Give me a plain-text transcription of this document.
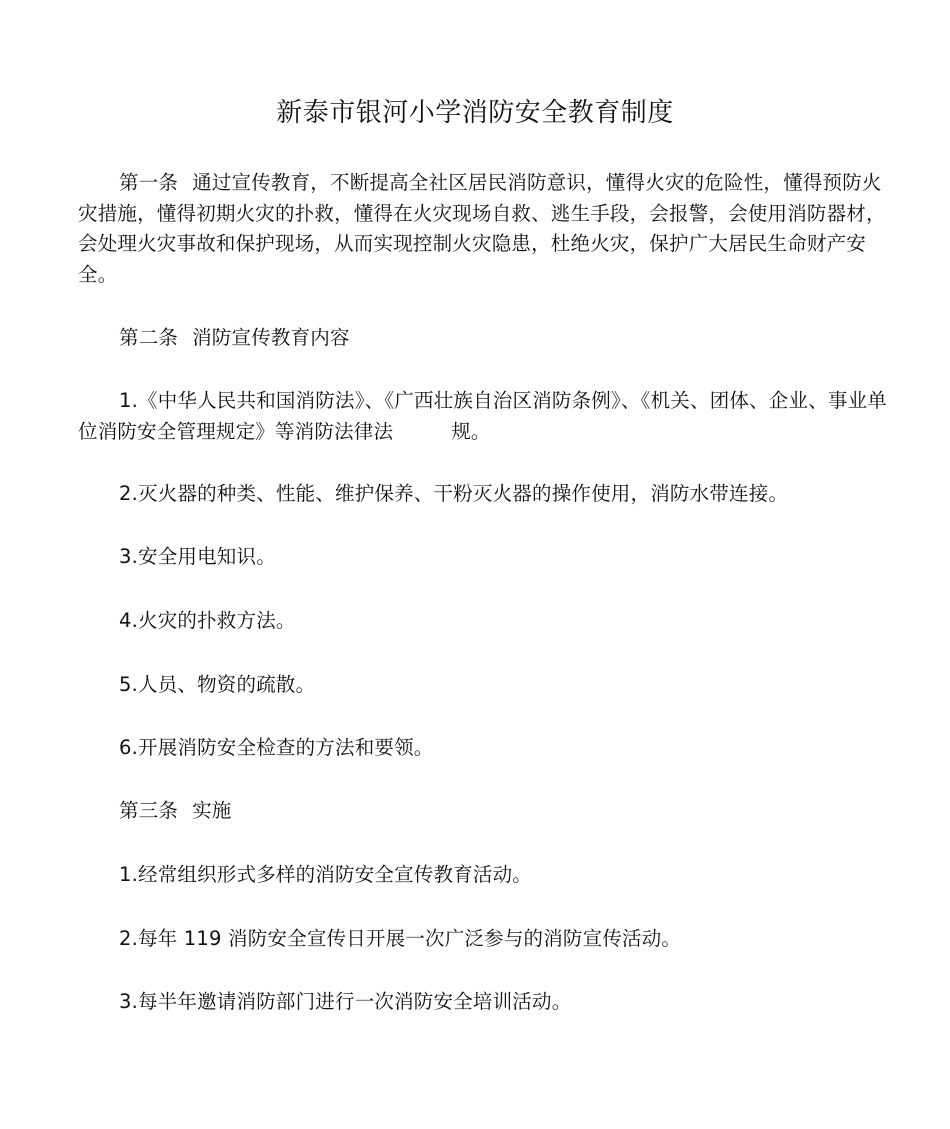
新泰市银河小学消防安全教育制度

第一条 通过宣传教育，不断提高全社区居民消防意识，懂得火灾的危险性，懂得预防火灾措施，懂得初期火灾的扑救，懂得在火灾现场自救、逃生手段，会报警，会使用消防器材，会处理火灾事故和保护现场，从而实现控制火灾隐患，杜绝火灾，保护广大居民生命财产安全。

第二条 消防宣传教育内容

1.《中华人民共和国消防法》、《广西壮族自治区消防条例》、《机关、团体、企业、事业单位消防安全管理规定》等消防法律法	规。

2.灭火器的种类、性能、维护保养、干粉灭火器的操作使用，消防水带连接。

3.安全用电知识。

4.火灾的扑救方法。

5.人员、物资的疏散。

6.开展消防安全检查的方法和要领。

第三条 实施

1.经常组织形式多样的消防安全宣传教育活动。

2.每年 119 消防安全宣传日开展一次广泛参与的消防宣传活动。

3.每半年邀请消防部门进行一次消防安全培训活动。
